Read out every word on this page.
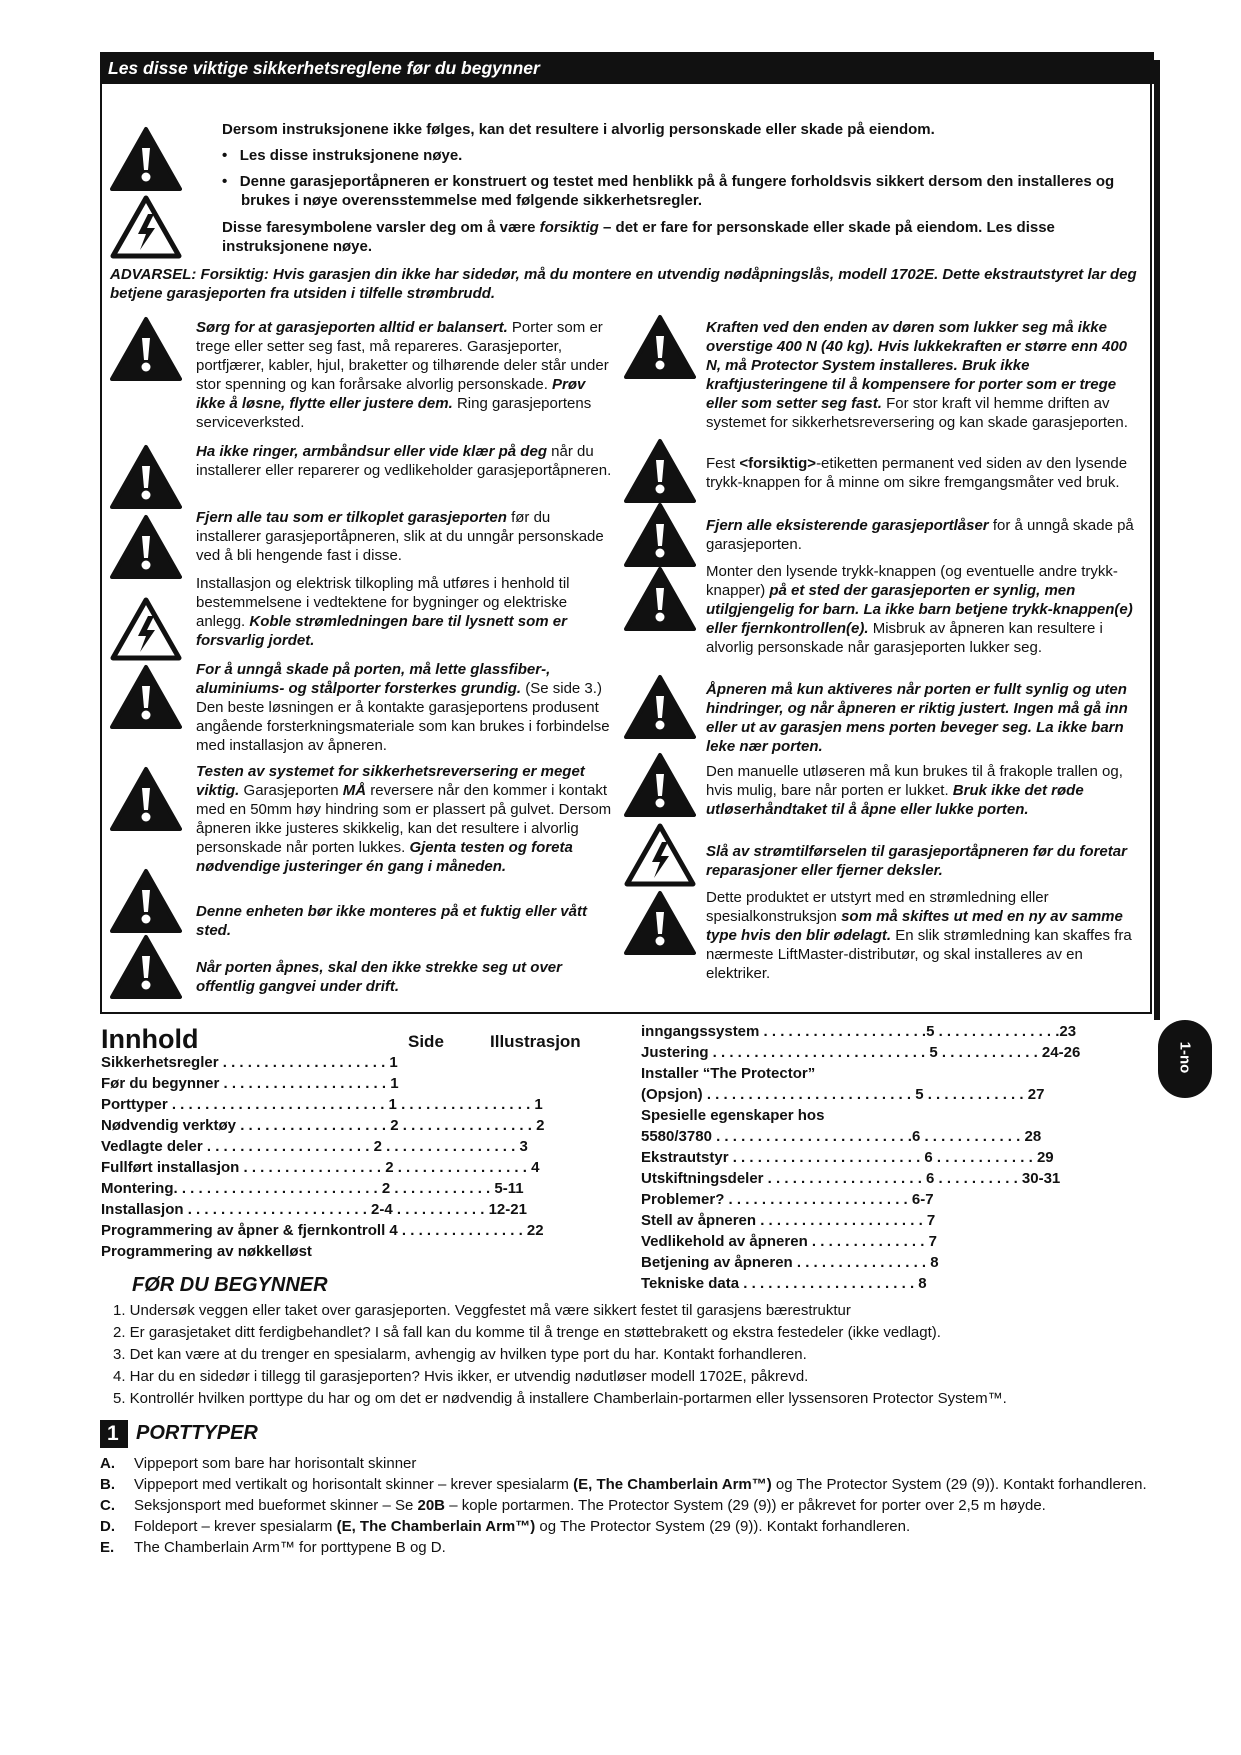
Les disse viktige sikkerhetsreglene før du begynner
Dersom instruksjonene ikke følges, kan det resultere i alvorlig personskade eller skade på eiendom.
•   Les disse instruksjonene nøye.
•   Denne garasjeportåpneren er konstruert og testet med henblikk på å fungere forholdsvis sikkert dersom den installeres og brukes i nøye overensstemmelse med følgende sikkerhetsregler.
Disse faresymbolene varsler deg om å være forsiktig – det er fare for personskade eller skade på eiendom. Les disse instruksjonene nøye.
ADVARSEL: Forsiktig: Hvis garasjen din ikke har sidedør, må du montere en utvendig nødåpningslås, modell 1702E. Dette ekstrautstyret lar deg betjene garasjeporten fra utsiden i tilfelle strømbrudd.
Sørg for at garasjeporten alltid er balansert. Porter som er trege eller setter seg fast, må repareres. Garasjeporter, portfjærer, kabler, hjul, braketter og tilhørende deler står under stor spenning og kan forårsake alvorlig personskade. Prøv ikke å løsne, flytte eller justere dem. Ring garasjeportens serviceverksted.
Ha ikke ringer, armbåndsur eller vide klær på deg når du installerer eller reparerer og vedlikeholder garasjeportåpneren.
Fjern alle tau som er tilkoplet garasjeporten før du installerer garasjeportåpneren, slik at du unngår personskade ved å bli hengende fast i disse.
Installasjon og elektrisk tilkopling må utføres i henhold til bestemmelsene i vedtektene for bygninger og elektriske anlegg. Koble strømledningen bare til lysnett som er forsvarlig jordet.
For å unngå skade på porten, må lette glassfiber-, aluminiums- og stålporter forsterkes grundig. (Se side 3.) Den beste løsningen er å kontakte garasjeportens produsent angående forsterkningsmateriale som kan brukes i forbindelse med installasjon av åpneren.
Testen av systemet for sikkerhetsreversering er meget viktig. Garasjeporten MÅ reversere når den kommer i kontakt med en 50mm høy hindring som er plassert på gulvet. Dersom åpneren ikke justeres skikkelig, kan det resultere i alvorlig personskade når porten lukkes. Gjenta testen og foreta nødvendige justeringer én gang i måneden.
Denne enheten bør ikke monteres på et fuktig eller vått sted.
Når porten åpnes, skal den ikke strekke seg ut over offentlig gangvei under drift.
Kraften ved den enden av døren som lukker seg må ikke overstige 400 N (40 kg). Hvis lukkekraften er større enn 400 N, må Protector System installeres. Bruk ikke kraftjusteringene til å kompensere for porter som er trege eller som setter seg fast. For stor kraft vil hemme driften av systemet for sikkerhetsreversering og kan skade garasjeporten.
Fest <forsiktig>-etiketten permanent ved siden av den lysende trykk-knappen for å minne om sikre fremgangsmåter ved bruk.
Fjern alle eksisterende garasjeportlåser for å unngå skade på garasjeporten.
Monter den lysende trykk-knappen (og eventuelle andre trykk-knapper) på et sted der garasjeporten er synlig, men utilgjengelig for barn. La ikke barn betjene trykk-knappen(e) eller fjernkontrollen(e). Misbruk av åpneren kan resultere i alvorlig personskade når garasjeporten lukker seg.
Åpneren må kun aktiveres når porten er fullt synlig og uten hindringer, og når åpneren er riktig justert. Ingen må gå inn eller ut av garasjen mens porten beveger seg. La ikke barn leke nær porten.
Den manuelle utløseren må kun brukes til å frakople trallen og, hvis mulig, bare når porten er lukket. Bruk ikke det røde utløserhåndtaket til å åpne eller lukke porten.
Slå av strømtilførselen til garasjeportåpneren før du foretar reparasjoner eller fjerner deksler.
Dette produktet er utstyrt med en strømledning eller spesialkonstruksjon som må skiftes ut med en ny av samme type hvis den blir ødelagt. En slik strømledning kan skaffes fra nærmeste LiftMaster-distributør, og skal installeres av en elektriker.
Innhold	Side	Illustrasjon
Sikkerhetsregler . . . . . . . . . . . . . . . . . . . . 1
Før du begynner . . . . . . . . . . . . . . . . . . . . 1
Porttyper . . . . . . . . . . . . . . . . . . . . . . . . . . 1 . . . . . . . . . . . . . . . . 1
Nødvendig verktøy . . . . . . . . . . . . . . . . . . 2 . . . . . . . . . . . . . . . . 2
Vedlagte deler . . . . . . . . . . . . . . . . . . . . 2 . . . . . . . . . . . . . . . . 3
Fullført installasjon . . . . . . . . . . . . . . . . . 2 . . . . . . . . . . . . . . . . 4
Montering. . . . . . . . . . . . . . . . . . . . . . . . . 2 . . . . . . . . . . . . 5-11
Installasjon . . . . . . . . . . . . . . . . . . . . . . 2-4 . . . . . . . . . . . 12-21
Programmering av åpner & fjernkontroll 4 . . . . . . . . . . . . . . . 22
Programmering av nøkkelløst
inngangssystem . . . . . . . . . . . . . . . . . . . .5 . . . . . . . . . . . . . . .23
Justering . . . . . . . . . . . . . . . . . . . . . . . . . . 5 . . . . . . . . . . . . 24-26
Installer “The Protector”
(Opsjon) . . . . . . . . . . . . . . . . . . . . . . . . . 5 . . . . . . . . . . . . 27
Spesielle egenskaper hos
5580/3780 . . . . . . . . . . . . . . . . . . . . . . . .6 . . . . . . . . . . . . 28
Ekstrautstyr . . . . . . . . . . . . . . . . . . . . . . . 6 . . . . . . . . . . . . 29
Utskiftningsdeler . . . . . . . . . . . . . . . . . . . 6 . . . . . . . . . . 30-31
Problemer? . . . . . . . . . . . . . . . . . . . . . . 6-7
Stell av åpneren . . . . . . . . . . . . . . . . . . . . 7
Vedlikehold av åpneren . . . . . . . . . . . . . . 7
Betjening av åpneren . . . . . . . . . . . . . . . . 8
Tekniske data . . . . . . . . . . . . . . . . . . . . . 8
1-no
FØR DU BEGYNNER
1. Undersøk veggen eller taket over garasjeporten. Veggfestet må være sikkert festet til garasjens bærestruktur
2. Er garasjetaket ditt ferdigbehandlet? I så fall kan du komme til å trenge en støttebrakett og ekstra festedeler (ikke vedlagt).
3. Det kan være at du trenger en spesialarm, avhengig av hvilken type port du har. Kontakt forhandleren.
4. Har du en sidedør i tillegg til garasjeporten? Hvis ikker, er utvendig nødutløser modell 1702E, påkrevd.
5. Kontrollér hvilken porttype du har og om det er nødvendig å installere Chamberlain-portarmen eller lyssensoren Protector System™.
1 PORTTYPER
A.	Vippeport som bare har horisontalt skinner
B.	Vippeport med vertikalt og horisontalt skinner – krever spesialarm (E, The Chamberlain Arm™) og The Protector System (29 (9)). Kontakt forhandleren.
C.	Seksjonsport med bueformet skinner – Se 20B – kople portarmen. The Protector System (29 (9)) er påkrevet for porter over 2,5 m høyde.
D.	Foldeport – krever spesialarm (E, The Chamberlain Arm™) og The Protector System (29 (9)). Kontakt forhandleren.
E.	The Chamberlain Arm™ for porttypene B og D.
